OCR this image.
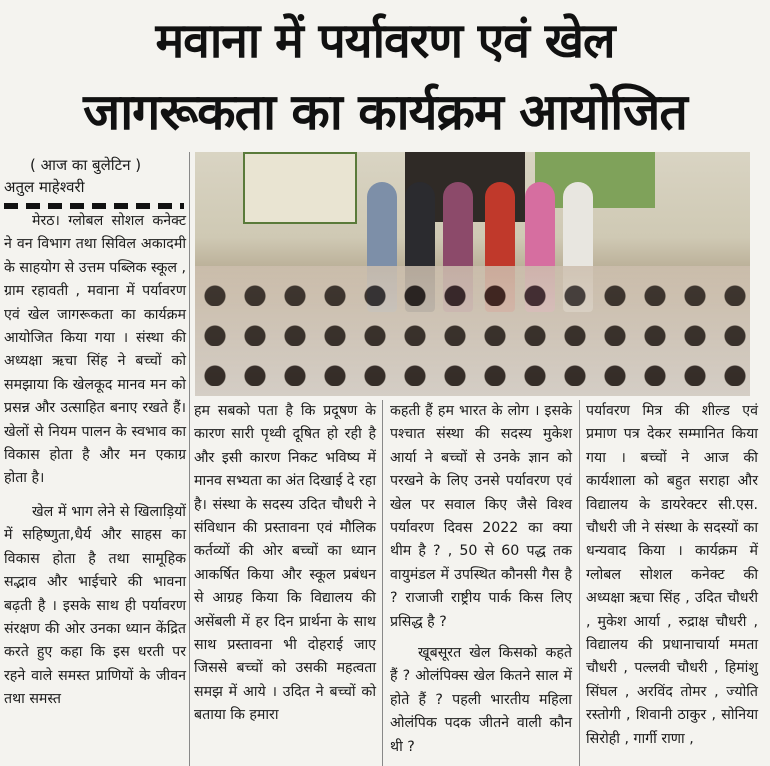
मवाना में पर्यावरण एवं खेल
जागरूकता का कार्यक्रम आयोजित
( आज का बुलेटिन )
अतुल माहेश्वरी

मेरठ। ग्लोबल सोशल कनेक्ट ने वन विभाग तथा सिविल अकादमी के साहयोग से उत्तम पब्लिक स्कूल , ग्राम रहावती , मवाना में पर्यावरण एवं खेल जागरूकता का कार्यक्रम आयोजित किया गया । संस्था की अध्यक्षा ऋचा सिंह ने बच्चों को समझाया कि खेलकूद मानव मन को प्रसन्न और उत्साहित बनाए रखते हैं। खेलों से नियम पालन के स्वभाव का विकास होता है और मन एकाग्र होता है।

खेल में भाग लेने से खिलाड़ियों में सहिष्णुता,धैर्य और साहस का विकास होता है तथा सामूहिक सद्भाव और भाईचारे की भावना बढ़ती है । इसके साथ ही पर्यावरण संरक्षण की ओर उनका ध्यान केंद्रित करते हुए कहा कि इस धरती पर रहने वाले समस्त प्राणियों के जीवन तथा समस्त

हम सबको पता है कि प्रदूषण के कारण सारी पृथ्वी दूषित हो रही है और इसी कारण निकट भविष्य में मानव सभ्यता का अंत दिखाई दे रहा है। संस्था के सदस्य उदित चौधरी ने संविधान की प्रस्तावना एवं मौलिक कर्तव्यों की ओर बच्चों का ध्यान आकर्षित किया और स्कूल प्रबंधन से आग्रह किया कि विद्यालय की असेंबली में हर दिन प्रार्थना के साथ साथ प्रस्तावना भी दोहराई जाए जिससे बच्चों को उसकी महत्वता समझ में आये । उदित ने बच्चों को बताया कि हमारा

कहती हैं हम भारत के लोग । इसके पश्चात संस्था की सदस्य मुकेश आर्या ने बच्चों से उनके ज्ञान को परखने के लिए उनसे पर्यावरण एवं खेल पर सवाल किए जैसे विश्व पर्यावरण दिवस 2022 का क्या थीम है ? , 50 से 60 पद्ध तक वायुमंडल में उपस्थित कौनसी गैस है ? राजाजी राष्ट्रीय पार्क किस लिए प्रसिद्ध है ?

खूबसूरत खेल किसको कहते हैं ? ओलंपिक्स खेल कितने साल में होते हैं ? पहली भारतीय महिला ओलंपिक पदक जीतने वाली कौन थी ?

पर्यावरण मित्र की शील्ड एवं प्रमाण पत्र देकर सम्मानित किया गया । बच्चों ने आज की कार्यशाला को बहुत सराहा और विद्यालय के डायरेक्टर सी.एस. चौधरी जी ने संस्था के सदस्यों का धन्यवाद किया । कार्यक्रम में ग्लोबल सोशल कनेक्ट की अध्यक्षा ऋचा सिंह , उदित चौधरी , मुकेश आर्या , रुद्राक्ष चौधरी , विद्यालय की प्रधानाचार्या ममता चौधरी , पल्लवी चौधरी , हिमांशु सिंघल , अरविंद तोमर , ज्योति रस्तोगी , शिवानी ठाकुर , सोनिया सिरोही , गार्गी राणा ,
